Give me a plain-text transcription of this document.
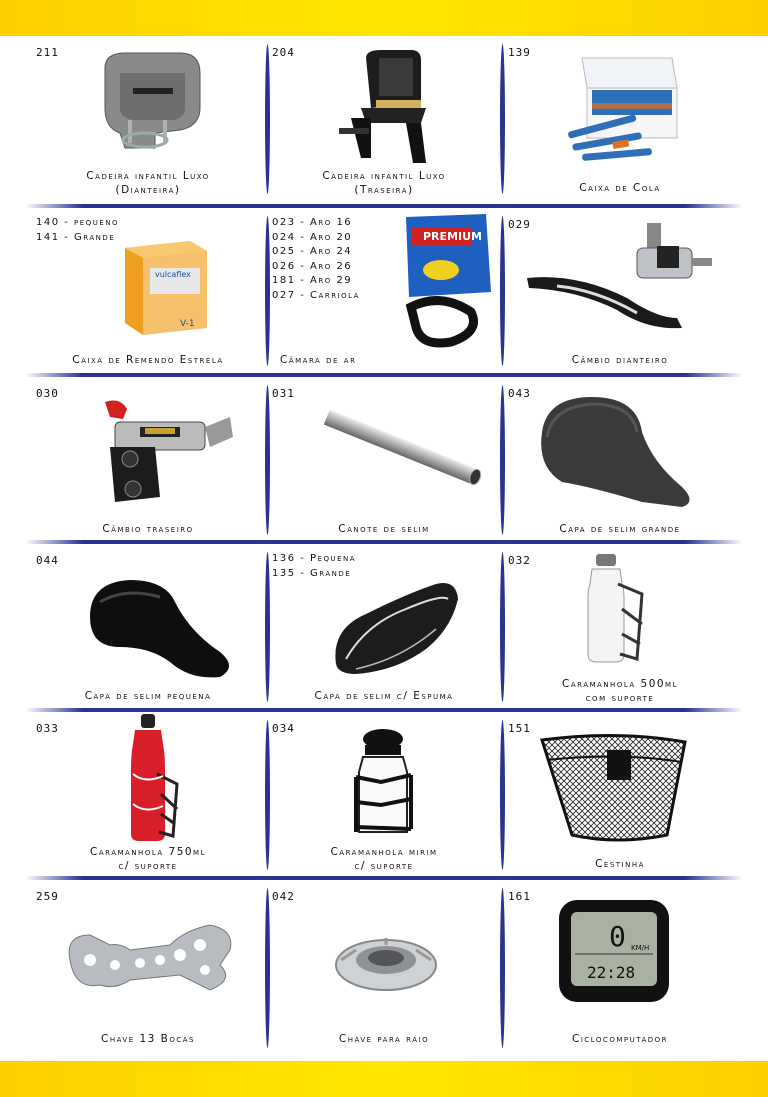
211
Cadeira infantil Luxo
(Dianteira)
204
Cadeira infantil Luxo
(Traseira)
139
Caixa de Cola
140 - pequeno
141 - Grande
vulcaflex
V-1
Caixa de Remendo Estrela
023 - Aro 16
024 - Aro 20
025 - Aro 24
026 - Aro 26
181 - Aro 29
027 - Carriola
PREMIUM
Câmara de ar
029
Câmbio dianteiro
030
Câmbio traseiro
031
Canote de selim
043
Capa de selim grande
044
Capa de selim pequena
136 - Pequena
135 - Grande
Capa de selim c/ Espuma
032
Caramanhola 500ml
com suporte
033
Caramanhola 750ml
c/ suporte
034
Caramanhola mirim
c/ suporte
151
Cestinha
259
Chave 13 Bocas
042
Chave para raio
161
0 KM/H
22:28
Ciclocomputador
